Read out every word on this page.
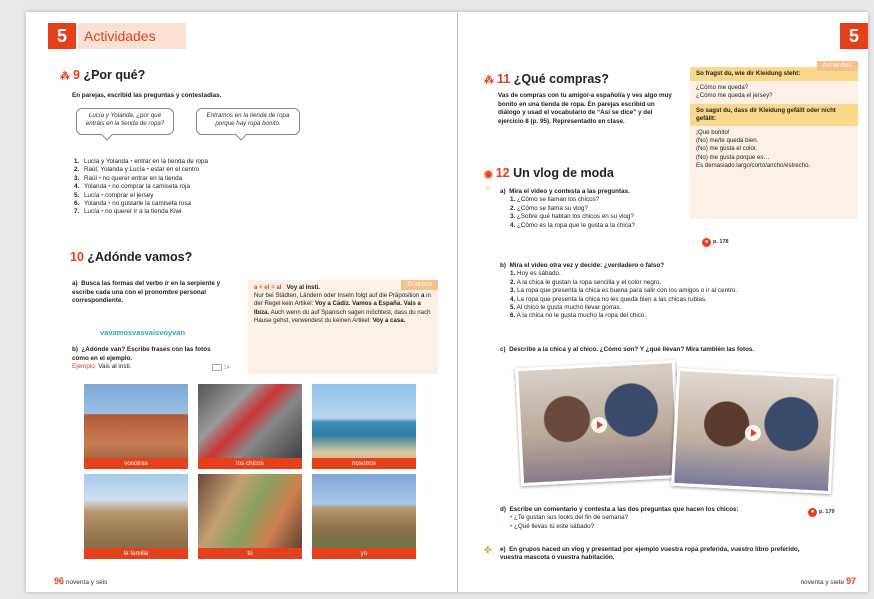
5	Actividades
⁂ 9 ¿Por qué?
En parejas, escribid las preguntas y contestadlas.
Lucía y Yolanda, ¿por qué entráis en la tienda de ropa?
Entramos en la tienda de ropa porque hay ropa bonito.
1. Lucía y Yolanda • entrar en la tienda de ropa
2. Raúl, Yolanda y Lucía • estar en el centro
3. Raúl • no querer entrar en la tienda
4. Yolanda • no comprar la camiseta roja
5. Lucía • comprar el jersey
6. Yolanda • no gustarle la camiseta rosa
7. Lucía • no querer ir a la tienda Kiwi
10 ¿Adónde vamos?
a) Busca las formas del verbo ir en la serpiente y escribe cada una con el pronombre personal correspondiente.
vavamosvasvaisvoyvan
b) ¿Adónde van? Escribe frases con las fotos como en el ejemplo.
Ejemplo: Vais al insti.	14
El idioma
a + el = al Voy al insti.
Nur bei Städten, Ländern oder Inseln folgt auf die Präposition a in der Regel kein Artikel: Voy a Cádiz. Vamos a España. Vais a Ibiza. Auch wenn du auf Spanisch sagen möchtest, dass du nach Hause gehst, verwendest du keinen Artikel: Voy a casa.
vosotras	los chicos	nosotros
la familia	tú	yo
96 noventa y seis
5
⁂ 11 ¿Qué compras?
Vas de compras con tu amigo/-a español/a y ves algo muy bonito en una tienda de ropa. En parejas escribid un diálogo y usad el vocabulario de “Así se dice” y del ejercicio 8 (p. 95). Representadlo en clase.
Así se dice
So fragst du, wie dir Kleidung steht:
¿Cómo me queda?
¿Cómo me queda el jersey?
So sagst du, dass dir Kleidung gefällt oder nicht gefällt:
¡Qué bonito!
(No) me/te queda bien.
(No) me gusta el color.
(No) me gusta porque es…
Es demasiado largo/corto/ancho/estrecho.
◉ 12 Un vlog de moda
☼ a) Mira el vídeo y contesta a las preguntas.
1. ¿Cómo se llaman los chicos?
2. ¿Cómo se llama su vlog?
3. ¿Sobre qué hablan los chicos en su vlog?
4. ¿Cómo es la ropa que le gusta a la chica?
● p. 178
b) Mira el vídeo otra vez y decide: ¿verdadero o falso?
1. Hoy es sábado.
2. A la chica le gustan la ropa sencilla y el color negro.
3. La ropa que presenta la chica es buena para salir con los amigos o ir al centro.
4. La ropa que presenta la chica no les queda bien a las chicas rubias.
5. Al chico le gusta mucho llevar gorras.
6. A la chica no le gusta mucho la ropa del chico.
c) Describe a la chica y al chico. ¿Cómo son? Y ¿qué llevan? Mira también las fotos.
d) Escribe un comentario y contesta a las dos preguntas que hacen los chicos:
• ¿Te gustan sus looks del fin de semana?
• ¿Qué llevas tú este sábado?
● p. 179
✤ e) En grupos haced un vlog y presentad por ejemplo vuestra ropa preferida, vuestro libro preferido, vuestra mascota o vuestra habitación.
noventa y siete 97
